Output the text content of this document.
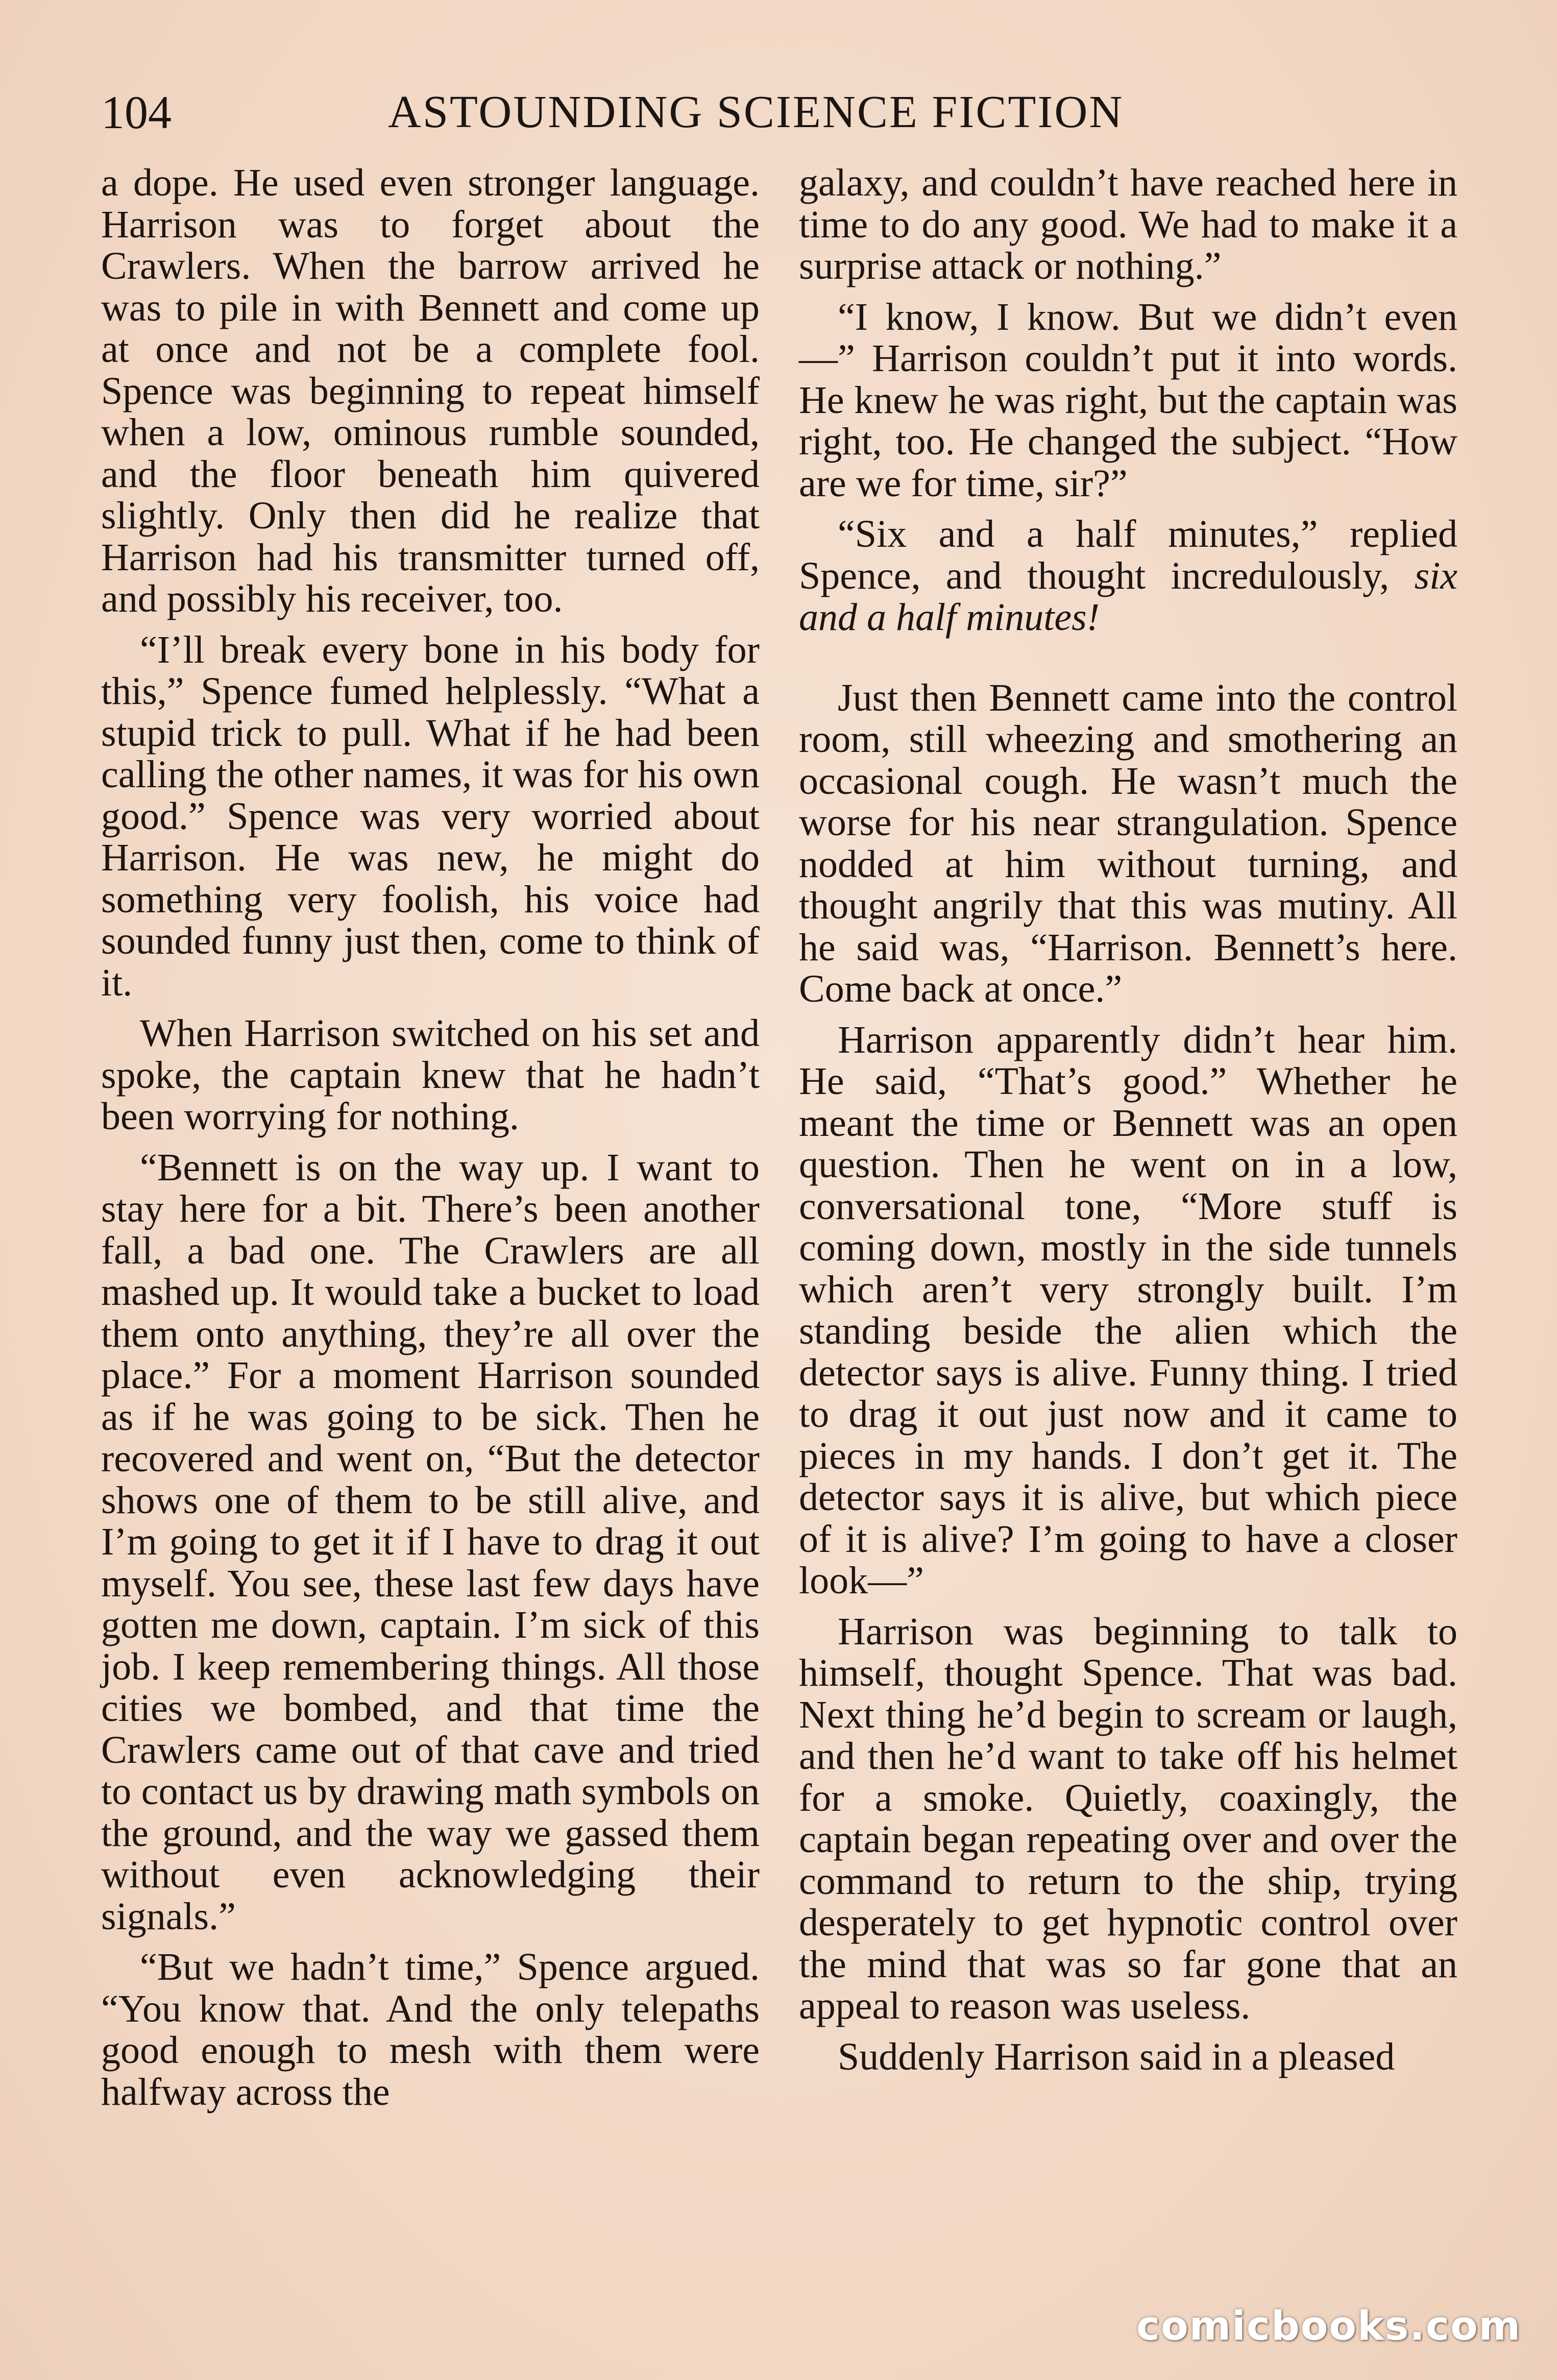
104	ASTOUNDING SCIENCE FICTION

a dope. He used even stronger language. Harrison was to forget about the Crawlers. When the barrow arrived he was to pile in with Bennett and come up at once and not be a complete fool. Spence was beginning to repeat himself when a low, ominous rumble sounded, and the floor beneath him quivered slightly. Only then did he realize that Harrison had his transmitter turned off, and possibly his receiver, too.

“I’ll break every bone in his body for this,” Spence fumed helplessly. “What a stupid trick to pull. What if he had been calling the other names, it was for his own good.” Spence was very worried about Harrison. He was new, he might do something very foolish, his voice had sounded funny just then, come to think of it.

When Harrison switched on his set and spoke, the captain knew that he hadn’t been worrying for nothing.

“Bennett is on the way up. I want to stay here for a bit. There’s been another fall, a bad one. The Crawlers are all mashed up. It would take a bucket to load them onto anything, they’re all over the place.” For a moment Harrison sounded as if he was going to be sick. Then he recovered and went on, “But the detector shows one of them to be still alive, and I’m going to get it if I have to drag it out myself. You see, these last few days have gotten me down, captain. I’m sick of this job. I keep remembering things. All those cities we bombed, and that time the Crawlers came out of that cave and tried to contact us by drawing math symbols on the ground, and the way we gassed them without even acknowledging their signals.”

“But we hadn’t time,” Spence argued. “You know that. And the only telepaths good enough to mesh with them were halfway across the

galaxy, and couldn’t have reached here in time to do any good. We had to make it a surprise attack or nothing.”

“I know, I know. But we didn’t even—” Harrison couldn’t put it into words. He knew he was right, but the captain was right, too. He changed the subject. “How are we for time, sir?”

“Six and a half minutes,” replied Spence, and thought incredulously, six and a half minutes!

Just then Bennett came into the control room, still wheezing and smothering an occasional cough. He wasn’t much the worse for his near strangulation. Spence nodded at him without turning, and thought angrily that this was mutiny. All he said was, “Harrison. Bennett’s here. Come back at once.”

Harrison apparently didn’t hear him. He said, “That’s good.” Whether he meant the time or Bennett was an open question. Then he went on in a low, conversational tone, “More stuff is coming down, mostly in the side tunnels which aren’t very strongly built. I’m standing beside the alien which the detector says is alive. Funny thing. I tried to drag it out just now and it came to pieces in my hands. I don’t get it. The detector says it is alive, but which piece of it is alive? I’m going to have a closer look—”

Harrison was beginning to talk to himself, thought Spence. That was bad. Next thing he’d begin to scream or laugh, and then he’d want to take off his helmet for a smoke. Quietly, coaxingly, the captain began repeating over and over the command to return to the ship, trying desperately to get hypnotic control over the mind that was so far gone that an appeal to reason was useless.

Suddenly Harrison said in a pleased

comicbooks.com
